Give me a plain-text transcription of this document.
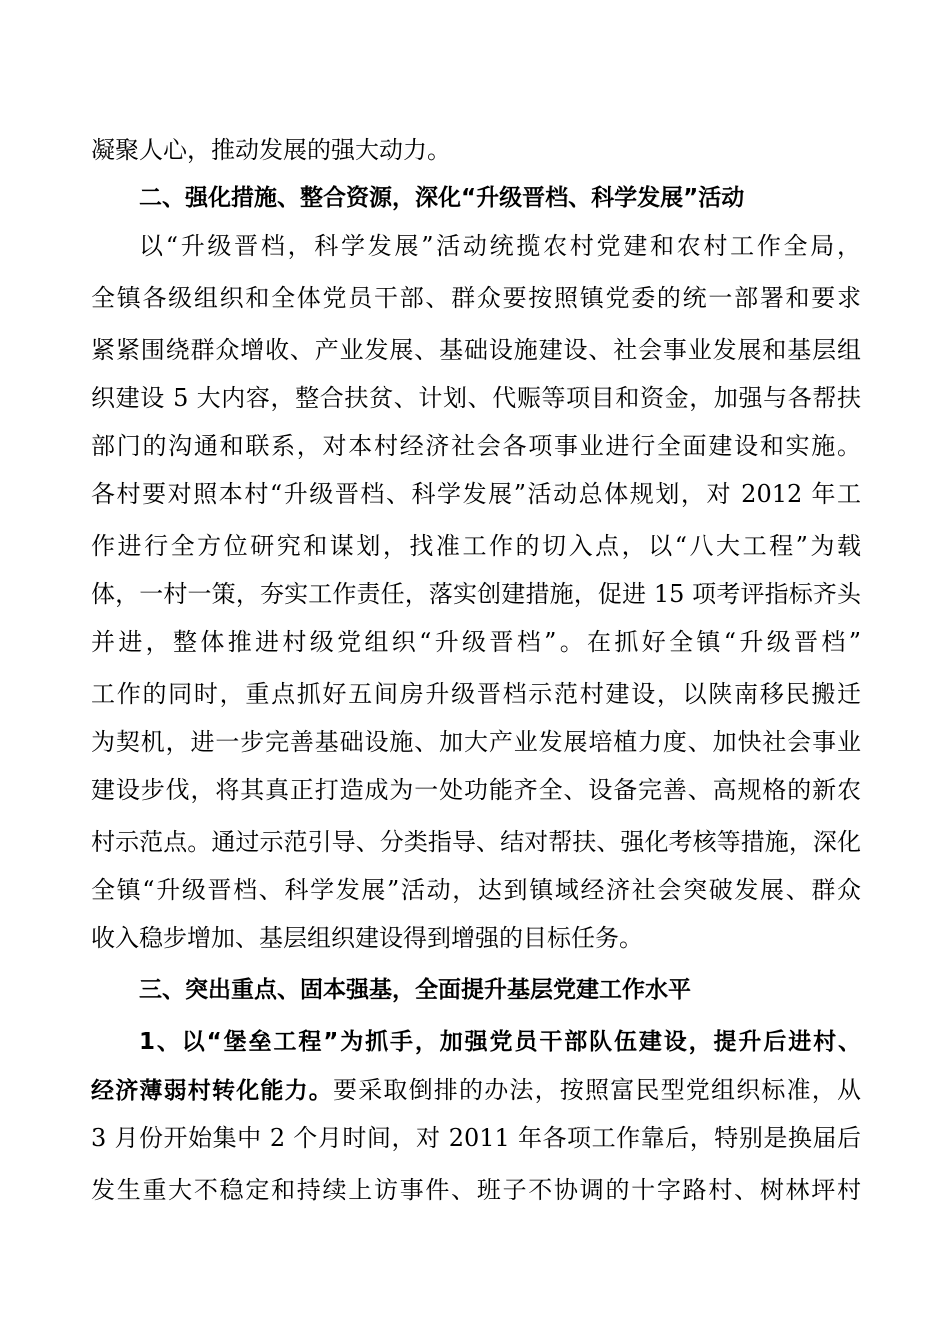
凝聚人心，推动发展的强大动力。
二、强化措施、整合资源，深化“升级晋档、科学发展”活动
以“升级晋档，科学发展”活动统揽农村党建和农村工作全局，
全镇各级组织和全体党员干部、群众要按照镇党委的统一部署和要求
紧紧围绕群众增收、产业发展、基础设施建设、社会事业发展和基层组
织建设 5 大内容，整合扶贫、计划、代赈等项目和资金，加强与各帮扶
部门的沟通和联系，对本村经济社会各项事业进行全面建设和实施。
各村要对照本村“升级晋档、科学发展”活动总体规划，对 2012 年工
作进行全方位研究和谋划，找准工作的切入点，以“八大工程”为载
体，一村一策，夯实工作责任，落实创建措施，促进 15 项考评指标齐头
并进，整体推进村级党组织“升级晋档”。在抓好全镇“升级晋档”
工作的同时，重点抓好五间房升级晋档示范村建设，以陕南移民搬迁
为契机，进一步完善基础设施、加大产业发展培植力度、加快社会事业
建设步伐，将其真正打造成为一处功能齐全、设备完善、高规格的新农
村示范点。通过示范引导、分类指导、结对帮扶、强化考核等措施，深化
全镇“升级晋档、科学发展”活动，达到镇域经济社会突破发展、群众
收入稳步增加、基层组织建设得到增强的目标任务。
三、突出重点、固本强基，全面提升基层党建工作水平
1、以“堡垒工程”为抓手，加强党员干部队伍建设，提升后进村、
经济薄弱村转化能力。要采取倒排的办法，按照富民型党组织标准，从
3 月份开始集中 2 个月时间，对 2011 年各项工作靠后，特别是换届后
发生重大不稳定和持续上访事件、班子不协调的十字路村、树林坪村
